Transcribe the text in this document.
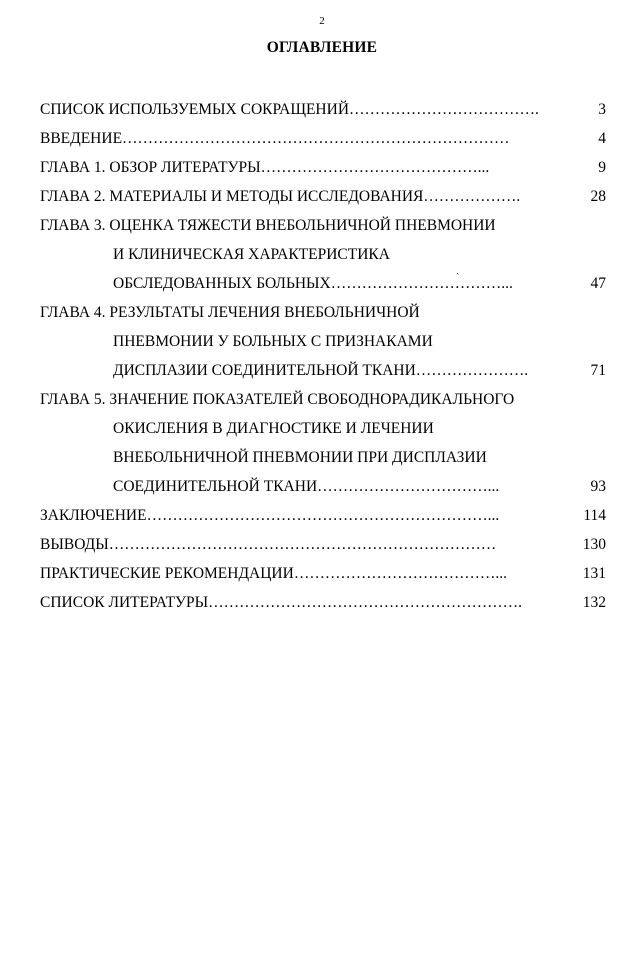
2
ОГЛАВЛЕНИЕ
СПИСОК ИСПОЛЬЗУЕМЫХ СОКРАЩЕНИЙ……………………………….	3
ВВЕДЕНИЕ…………………………………………………………………	4
ГЛАВА 1. ОБЗОР ЛИТЕРАТУРЫ……………………………………...	9
ГЛАВА 2. МАТЕРИАЛЫ И МЕТОДЫ ИССЛЕДОВАНИЯ……………….	28
ГЛАВА 3. ОЦЕНКА ТЯЖЕСТИ ВНЕБОЛЬНИЧНОЙ ПНЕВМОНИИ
И КЛИНИЧЕСКАЯ ХАРАКТЕРИСТИКА
ОБСЛЕДОВАННЫХ БОЛЬНЫХ……………………………...	47
ГЛАВА 4. РЕЗУЛЬТАТЫ ЛЕЧЕНИЯ ВНЕБОЛЬНИЧНОЙ
ПНЕВМОНИИ У БОЛЬНЫХ С ПРИЗНАКАМИ
ДИСПЛАЗИИ СОЕДИНИТЕЛЬНОЙ ТКАНИ………………….	71
ГЛАВА 5. ЗНАЧЕНИЕ ПОКАЗАТЕЛЕЙ СВОБОДНОРАДИКАЛЬНОГО
ОКИСЛЕНИЯ В ДИАГНОСТИКЕ И ЛЕЧЕНИИ
ВНЕБОЛЬНИЧНОЙ ПНЕВМОНИИ ПРИ ДИСПЛАЗИИ
СОЕДИНИТЕЛЬНОЙ ТКАНИ……………………………...	93
ЗАКЛЮЧЕНИЕ…………………………………………………………...	114
ВЫВОДЫ…………………………………………………………………	130
ПРАКТИЧЕСКИЕ РЕКОМЕНДАЦИИ…………………………………...	131
СПИСОК ЛИТЕРАТУРЫ…………………………………………………….	132
ˏ
